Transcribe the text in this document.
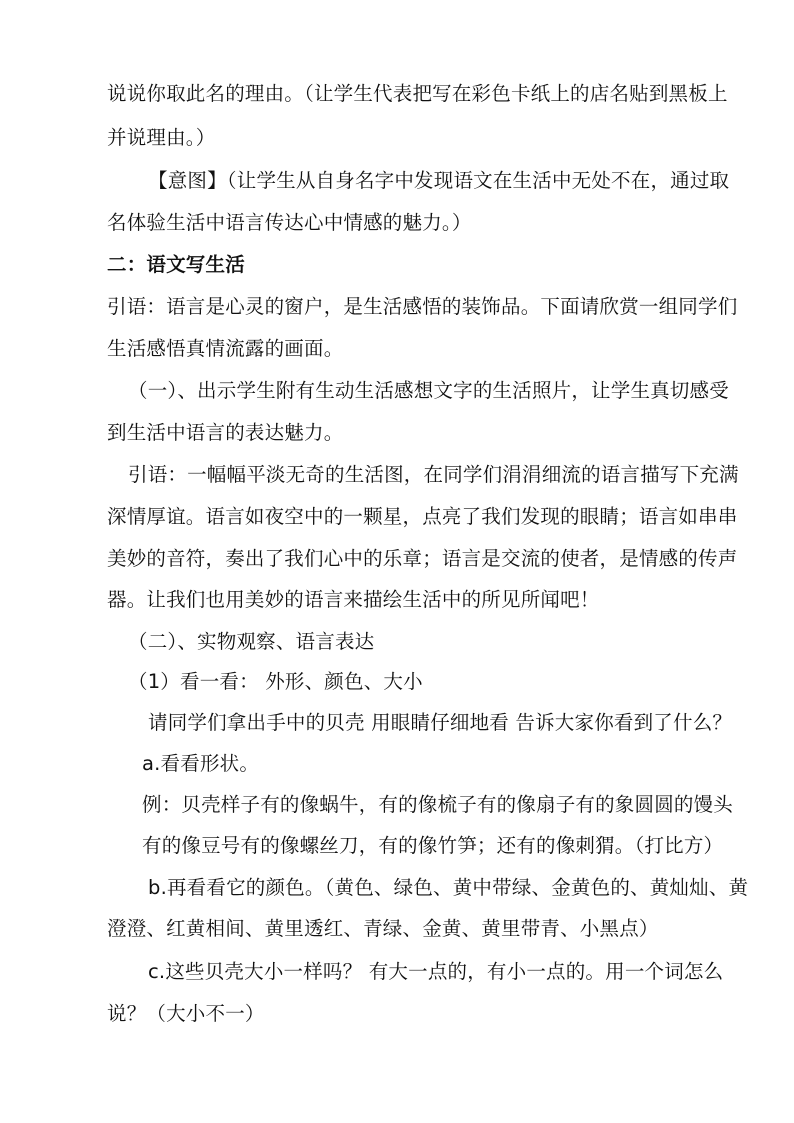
说说你取此名的理由。（让学生代表把写在彩色卡纸上的店名贴到黑板上
并说理由。）
【意图】（让学生从自身名字中发现语文在生活中无处不在，通过取
名体验生活中语言传达心中情感的魅力。）
二：语文写生活
引语：语言是心灵的窗户，是生活感悟的装饰品。下面请欣赏一组同学们
生活感悟真情流露的画面。
（一）、出示学生附有生动生活感想文字的生活照片，让学生真切感受
到生活中语言的表达魅力。
引语：一幅幅平淡无奇的生活图，在同学们涓涓细流的语言描写下充满
深情厚谊。语言如夜空中的一颗星，点亮了我们发现的眼睛；语言如串串
美妙的音符，奏出了我们心中的乐章；语言是交流的使者，是情感的传声
器。让我们也用美妙的语言来描绘生活中的所见所闻吧！
（二）、实物观察、语言表达
（1）看一看： 外形、颜色、大小
请同学们拿出手中的贝壳 用眼睛仔细地看 告诉大家你看到了什么？
a.看看形状。
例：贝壳样子有的像蜗牛，有的像梳子有的像扇子有的象圆圆的馒头
有的像豆号有的像螺丝刀，有的像竹笋；还有的像刺猬。（打比方）
b.再看看它的颜色。（黄色、绿色、黄中带绿、金黄色的、黄灿灿、黄
澄澄、红黄相间、黄里透红、青绿、金黄、黄里带青、小黑点）
c.这些贝壳大小一样吗？ 有大一点的，有小一点的。用一个词怎么
说？（大小不一）
